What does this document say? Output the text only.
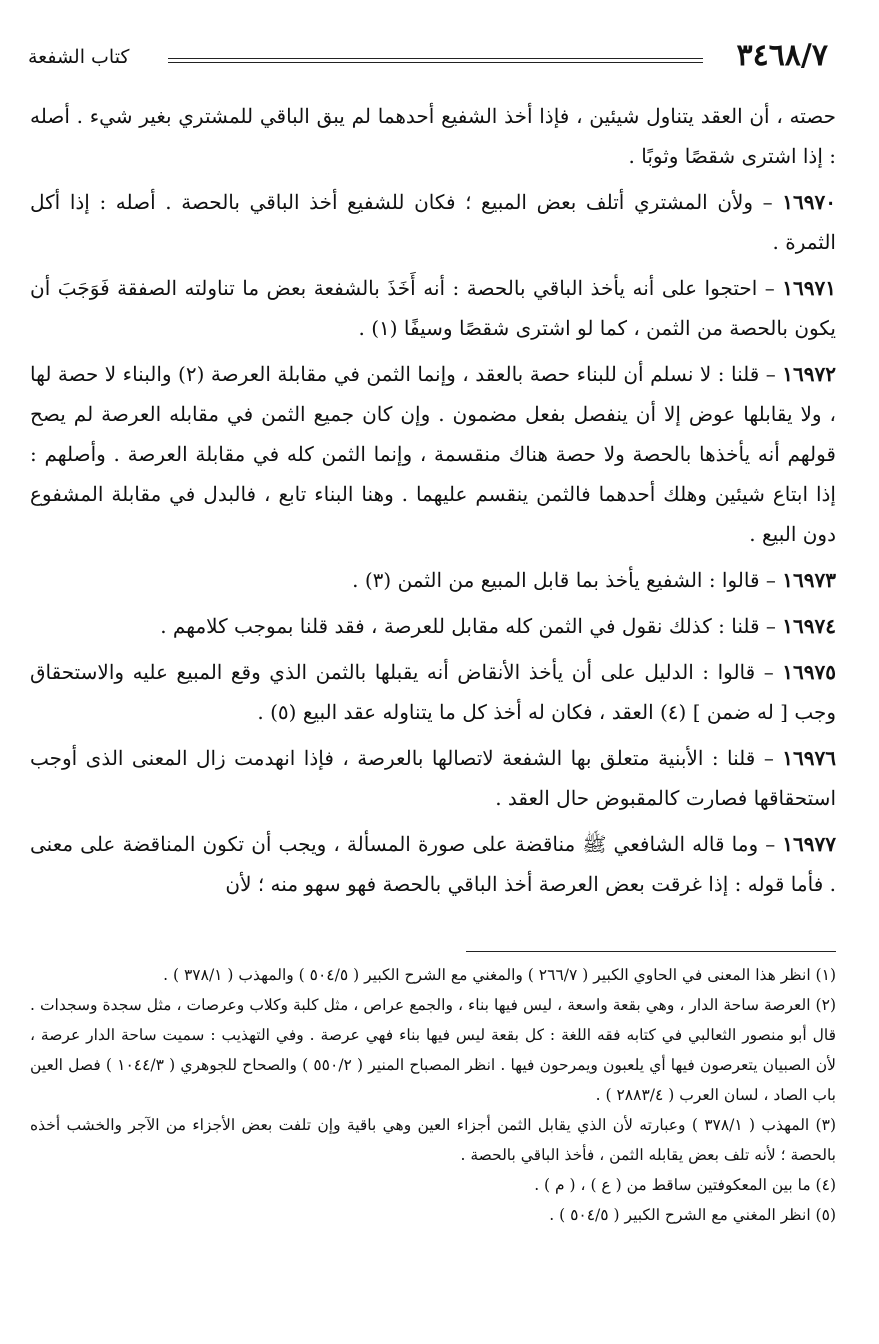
٣٤٦٨/٧
كتاب الشفعة

حصته ، أن العقد يتناول شيئين ، فإذا أخذ الشفيع أحدهما لم يبق الباقي للمشتري بغير شيء . أصله : إذا اشترى شقصًا وثوبًا .

١٦٩٧٠ – ولأن المشتري أتلف بعض المبيع ؛ فكان للشفيع أخذ الباقي بالحصة . أصله : إذا أكل الثمرة .

١٦٩٧١ – احتجوا على أنه يأخذ الباقي بالحصة : أنه أَخَذَ بالشفعة بعض ما تناولته الصفقة فَوَجَبَ أن يكون بالحصة من الثمن ، كما لو اشترى شقصًا وسيفًا (١) .

١٦٩٧٢ – قلنا : لا نسلم أن للبناء حصة بالعقد ، وإنما الثمن في مقابلة العرصة (٢) والبناء لا حصة لها ، ولا يقابلها عوض إلا أن ينفصل بفعل مضمون . وإن كان جميع الثمن في مقابله العرصة لم يصح قولهم أنه يأخذها بالحصة ولا حصة هناك منقسمة ، وإنما الثمن كله في مقابلة العرصة . وأصلهم : إذا ابتاع شيئين وهلك أحدهما فالثمن ينقسم عليهما . وهنا البناء تابع ، فالبدل في مقابلة المشفوع دون البيع .

١٦٩٧٣ – قالوا : الشفيع يأخذ بما قابل المبيع من الثمن (٣) .

١٦٩٧٤ – قلنا : كذلك نقول في الثمن كله مقابل للعرصة ، فقد قلنا بموجب كلامهم .

١٦٩٧٥ – قالوا : الدليل على أن يأخذ الأنقاض أنه يقبلها بالثمن الذي وقع المبيع عليه والاستحقاق وجب [ له ضمن ] (٤) العقد ، فكان له أخذ كل ما يتناوله عقد البيع (٥) .

١٦٩٧٦ – قلنا : الأبنية متعلق بها الشفعة لاتصالها بالعرصة ، فإذا انهدمت زال المعنى الذى أوجب استحقاقها فصارت كالمقبوض حال العقد .

١٦٩٧٧ – وما قاله الشافعي ﷺ مناقضة على صورة المسألة ، ويجب أن تكون المناقضة على معنى . فأما قوله : إذا غرقت بعض العرصة أخذ الباقي بالحصة فهو سهو منه ؛ لأن

(١) انظر هذا المعنى في الحاوي الكبير ( ٢٦٦/٧ ) والمغني مع الشرح الكبير ( ٥٠٤/٥ ) والمهذب ( ٣٧٨/١ ) .

(٢) العرصة ساحة الدار ، وهي بقعة واسعة ، ليس فيها بناء ، والجمع عراص ، مثل كلبة وكلاب وعرصات ، مثل سجدة وسجدات . قال أبو منصور الثعالبي في كتابه فقه اللغة : كل بقعة ليس فيها بناء فهي عرصة . وفي التهذيب : سميت ساحة الدار عرصة ، لأن الصبيان يتعرصون فيها أي يلعبون ويمرحون فيها . انظر المصباح المنير ( ٥٥٠/٢ ) والصحاح للجوهري ( ١٠٤٤/٣ ) فصل العين باب الصاد ، لسان العرب ( ٢٨٨٣/٤ ) .

(٣) المهذب ( ٣٧٨/١ ) وعبارته لأن الذي يقابل الثمن أجزاء العين وهي باقية وإن تلفت بعض الأجزاء من الآجر والخشب أخذه بالحصة ؛ لأنه تلف بعض يقابله الثمن ، فأخذ الباقي بالحصة .

(٤) ما بين المعكوفتين ساقط من ( ع ) ، ( م ) .

(٥) انظر المغني مع الشرح الكبير ( ٥٠٤/٥ ) .
